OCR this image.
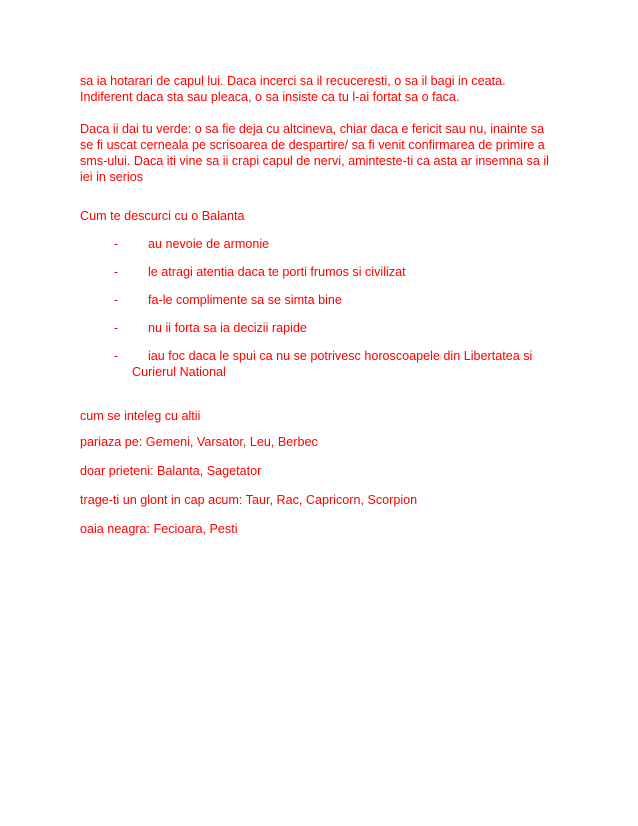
sa ia hotarari de capul lui. Daca incerci sa il recuceresti, o sa il bagi in ceata. Indiferent daca sta sau pleaca, o sa insiste ca tu l-ai fortat sa o faca.

Daca ii dai tu verde: o sa fie deja cu altcineva, chiar daca e fericit sau nu, inainte sa se fi uscat cerneala pe scrisoarea de despartire/ sa fi venit confirmarea de primire a sms-ului. Daca iti vine sa ii crapi capul de nervi, aminteste-ti ca asta ar insemna sa il iei in serios

Cum te descurci cu o Balanta

- au nevoie de armonie
- le atragi atentia daca te porti frumos si civilizat
- fa-le complimente sa se simta bine
- nu ii forta sa ia decizii rapide
- iau foc daca le spui ca nu se potrivesc horoscoapele din Libertatea si
Curierul National

cum se inteleg cu altii

pariaza pe: Gemeni, Varsator, Leu, Berbec

doar prieteni: Balanta, Sagetator

trage-ti un glont in cap acum: Taur, Rac, Capricorn, Scorpion

oaia neagra: Fecioara, Pesti
